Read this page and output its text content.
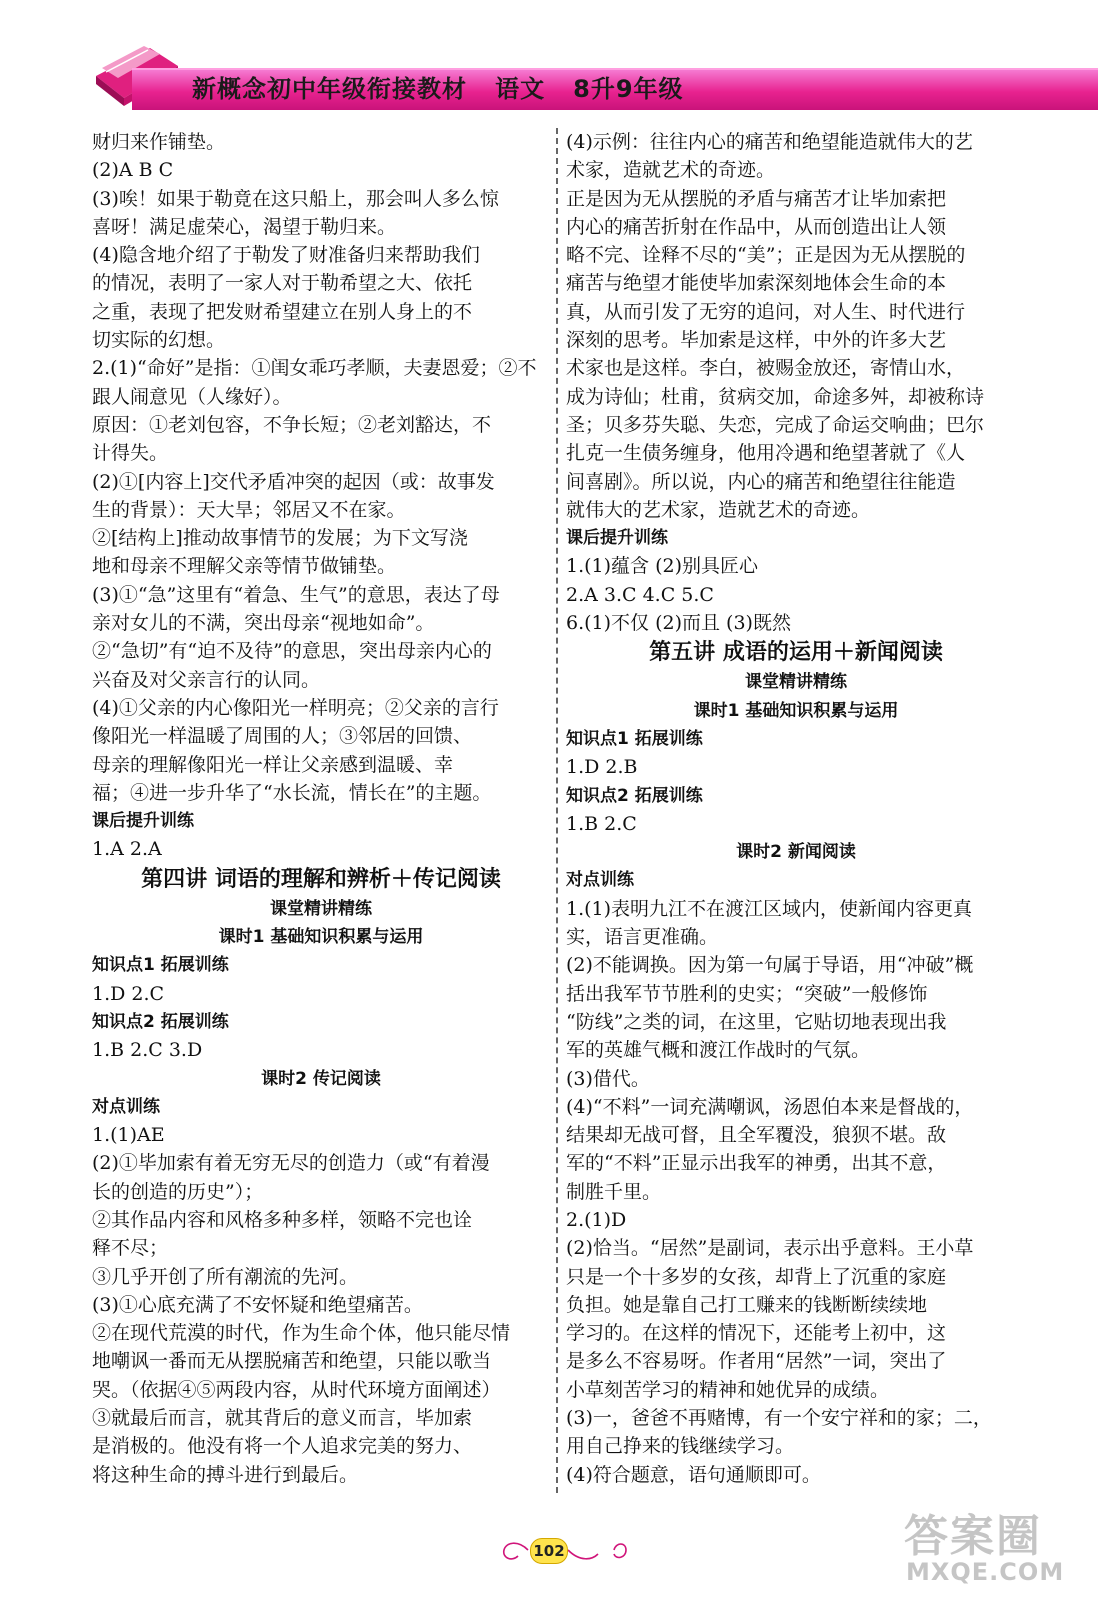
新概念初中年级衔接教材   语文   8升9年级
财归来作铺垫。
(2)A B C
(3)唉！如果于勒竟在这只船上，那会叫人多么惊
喜呀！满足虚荣心，渴望于勒归来。
(4)隐含地介绍了于勒发了财准备归来帮助我们
的情况，表明了一家人对于勒希望之大、依托
之重，表现了把发财希望建立在别人身上的不
切实际的幻想。
2.(1)“命好”是指：①闺女乖巧孝顺，夫妻恩爱；②不
跟人闹意见（人缘好）。
原因：①老刘包容，不争长短；②老刘豁达，不
计得失。
(2)①[内容上]交代矛盾冲突的起因（或：故事发
生的背景）：天大旱；邻居又不在家。
②[结构上]推动故事情节的发展；为下文写浇
地和母亲不理解父亲等情节做铺垫。
(3)①“急”这里有“着急、生气”的意思，表达了母
亲对女儿的不满，突出母亲“视地如命”。
②“急切”有“迫不及待”的意思，突出母亲内心的
兴奋及对父亲言行的认同。
(4)①父亲的内心像阳光一样明亮；②父亲的言行
像阳光一样温暖了周围的人；③邻居的回馈、
母亲的理解像阳光一样让父亲感到温暖、幸
福；④进一步升华了“水长流，情长在”的主题。
课后提升训练
1.A 2.A
第四讲 词语的理解和辨析＋传记阅读
课堂精讲精练
课时1 基础知识积累与运用
知识点1 拓展训练
1.D 2.C
知识点2 拓展训练
1.B 2.C 3.D
课时2 传记阅读
对点训练
1.(1)AE
(2)①毕加索有着无穷无尽的创造力（或“有着漫
长的创造的历史”）；
②其作品内容和风格多种多样，领略不完也诠
释不尽；
③几乎开创了所有潮流的先河。
(3)①心底充满了不安怀疑和绝望痛苦。
②在现代荒漠的时代，作为生命个体，他只能尽情
地嘲讽一番而无从摆脱痛苦和绝望，只能以歌当
哭。（依据④⑤两段内容，从时代环境方面阐述）
③就最后而言，就其背后的意义而言，毕加索
是消极的。他没有将一个人追求完美的努力、
将这种生命的搏斗进行到最后。
(4)示例：往往内心的痛苦和绝望能造就伟大的艺
术家，造就艺术的奇迹。
正是因为无从摆脱的矛盾与痛苦才让毕加索把
内心的痛苦折射在作品中，从而创造出让人领
略不完、诠释不尽的“美”；正是因为无从摆脱的
痛苦与绝望才能使毕加索深刻地体会生命的本
真，从而引发了无穷的追问，对人生、时代进行
深刻的思考。毕加索是这样，中外的许多大艺
术家也是这样。李白，被赐金放还，寄情山水，
成为诗仙；杜甫，贫病交加，命途多舛，却被称诗
圣；贝多芬失聪、失恋，完成了命运交响曲；巴尔
扎克一生债务缠身，他用冷遇和绝望著就了《人
间喜剧》。所以说，内心的痛苦和绝望往往能造
就伟大的艺术家，造就艺术的奇迹。
课后提升训练
1.(1)蕴含 (2)别具匠心
2.A 3.C 4.C 5.C
6.(1)不仅 (2)而且 (3)既然
第五讲 成语的运用＋新闻阅读
课堂精讲精练
课时1 基础知识积累与运用
知识点1 拓展训练
1.D 2.B
知识点2 拓展训练
1.B 2.C
课时2 新闻阅读
对点训练
1.(1)表明九江不在渡江区域内，使新闻内容更真
实，语言更准确。
(2)不能调换。因为第一句属于导语，用“冲破”概
括出我军节节胜利的史实；“突破”一般修饰
“防线”之类的词，在这里，它贴切地表现出我
军的英雄气概和渡江作战时的气氛。
(3)借代。
(4)“不料”一词充满嘲讽，汤恩伯本来是督战的，
结果却无战可督，且全军覆没，狼狈不堪。敌
军的“不料”正显示出我军的神勇，出其不意，
制胜千里。
2.(1)D
(2)恰当。“居然”是副词，表示出乎意料。王小草
只是一个十多岁的女孩，却背上了沉重的家庭
负担。她是靠自己打工赚来的钱断断续续地
学习的。在这样的情况下，还能考上初中，这
是多么不容易呀。作者用“居然”一词，突出了
小草刻苦学习的精神和她优异的成绩。
(3)一，爸爸不再赌博，有一个安宁祥和的家；二，
用自己挣来的钱继续学习。
(4)符合题意，语句通顺即可。
102	答案圈
MXQE.COM
